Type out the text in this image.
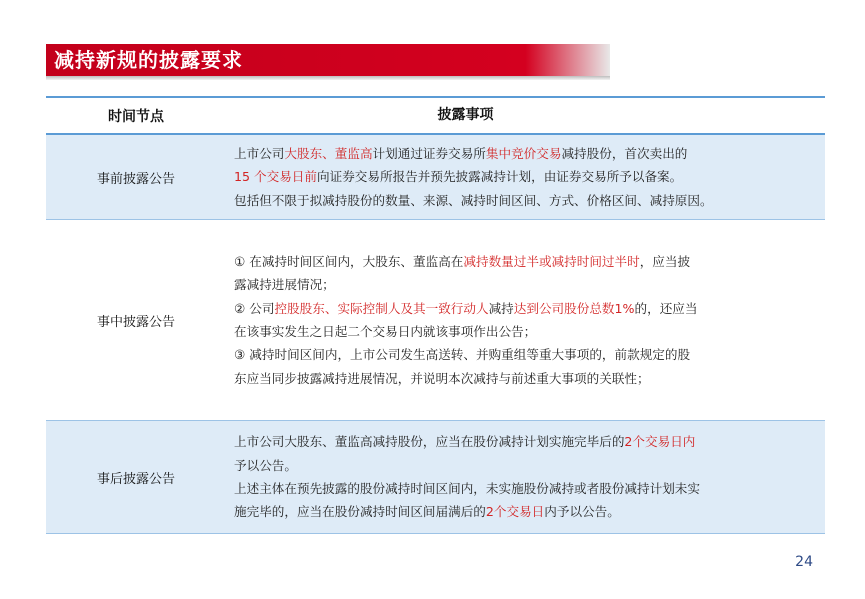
减持新规的披露要求
时间节点	披露事项
事前披露公告
上市公司大股东、董监高计划通过证券交易所集中竞价交易减持股份，首次卖出的
15 个交易日前向证券交易所报告并预先披露减持计划，由证券交易所予以备案。
包括但不限于拟减持股份的数量、来源、减持时间区间、方式、价格区间、减持原因。
事中披露公告
① 在减持时间区间内，大股东、董监高在减持数量过半或减持时间过半时，应当披
露减持进展情况；
② 公司控股股东、实际控制人及其一致行动人减持达到公司股份总数1%的，还应当
在该事实发生之日起二个交易日内就该事项作出公告；
③ 减持时间区间内，上市公司发生高送转、并购重组等重大事项的，前款规定的股
东应当同步披露减持进展情况，并说明本次减持与前述重大事项的关联性；
事后披露公告
上市公司大股东、董监高减持股份，应当在股份减持计划实施完毕后的2个交易日内
予以公告。
上述主体在预先披露的股份减持时间区间内，未实施股份减持或者股份减持计划未实
施完毕的，应当在股份减持时间区间届满后的2个交易日内予以公告。
24
